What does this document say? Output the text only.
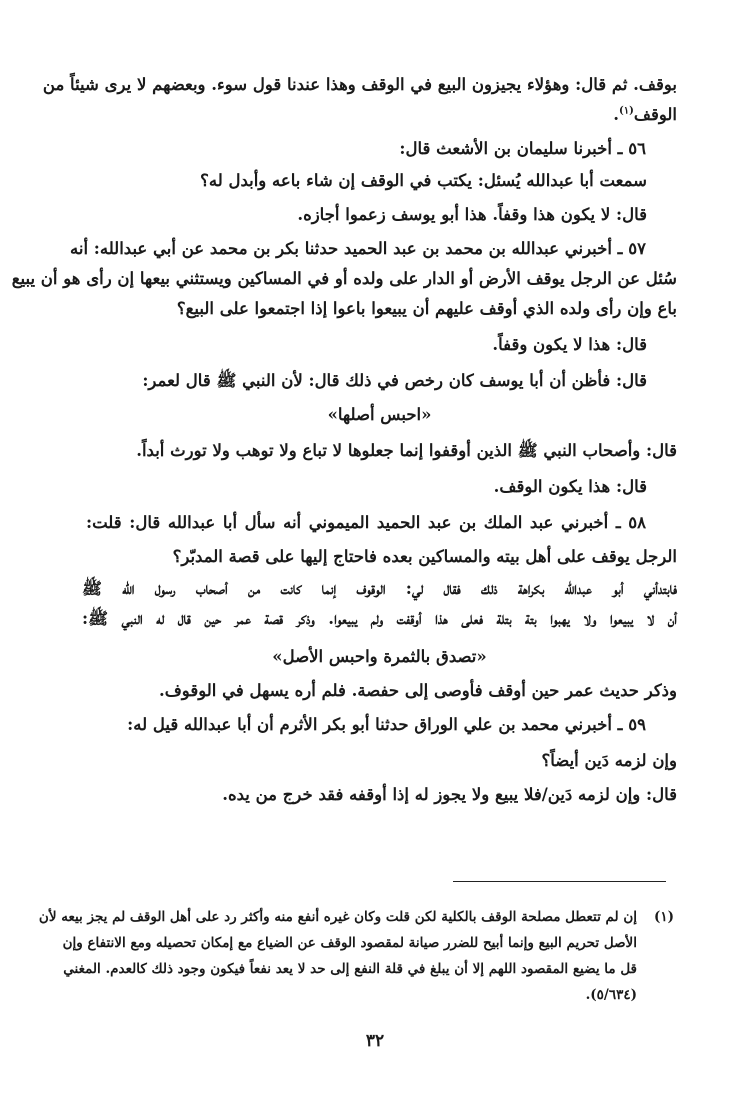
بوقف. ثم قال: وهؤلاء يجيزون البيع في الوقف وهذا عندنا قول سوء. وبعضهم لا يرى شيئاً من
الوقف$^{(١)}$.
٥٦ ـ أخبرنا سليمان بن الأشعث قال:
سمعت أبا عبدالله يُسئل: يكتب في الوقف إن شاء باعه وأبدل له؟
قال: لا يكون هذا وقفاً. هذا أبو يوسف زعموا أجازه.
٥٧ ـ أخبرني عبدالله بن محمد بن عبد الحميد حدثنا بكر بن محمد عن أبي عبدالله: أنه
سُئل عن الرجل يوقف الأرض أو الدار على ولده أو في المساكين ويستثني بيعها إن رأى هو أن يبيع
باع وإن رأى ولده الذي أوقف عليهم أن يبيعوا باعوا إذا اجتمعوا على البيع؟
قال: هذا لا يكون وقفاً.
قال: فأظن أن أبا يوسف كان رخص في ذلك قال: لأن النبي ﷺ قال لعمر:
«احبس أصلها»
قال: وأصحاب النبي ﷺ الذين أوقفوا إنما جعلوها لا تباع ولا توهب ولا تورث أبداً.
قال: هذا يكون الوقف.
٥٨ ـ أخبرني عبد الملك بن عبد الحميد الميموني أنه سأل أبا عبدالله قال: قلت:
الرجل يوقف على أهل بيته والمساكين بعده فاحتاج إليها على قصة المدبّر؟
فابتدأني أبو عبدالله بكراهة ذلك فقال لي: الوقوف إنما كانت من أصحاب رسول الله ﷺ
أن لا يبيعوا ولا يهبوا بتة بتلة فعلى هذا أوقفت ولم يبيعوا. وذكر قصة عمر حين قال له النبي ﷺ:
«تصدق بالثمرة واحبس الأصل»
وذكر حديث عمر حين أوقف فأوصى إلى حفصة. فلم أره يسهل في الوقوف.
٥٩ ـ أخبرني محمد بن علي الوراق حدثنا أبو بكر الأثرم أن أبا عبدالله قيل له:
وإن لزمه دَين أيضاً؟
قال: وإن لزمه دَين/فلا يبيع ولا يجوز له إذا أوقفه فقد خرج من يده.
(١)
إن لم تتعطل مصلحة الوقف بالكلية لكن قلت وكان غيره أنفع منه وأكثر رد على أهل الوقف لم يجز بيعه لأن
الأصل تحريم البيع وإنما أبيح للضرر صيانة لمقصود الوقف عن الضياع مع إمكان تحصيله ومع الانتفاع وإن
قل ما يضيع المقصود اللهم إلا أن يبلغ في قلة النفع إلى حد لا يعد نفعاً فيكون وجود ذلك كالعدم. المغني
(٥/٦٣٤).
٣٢
